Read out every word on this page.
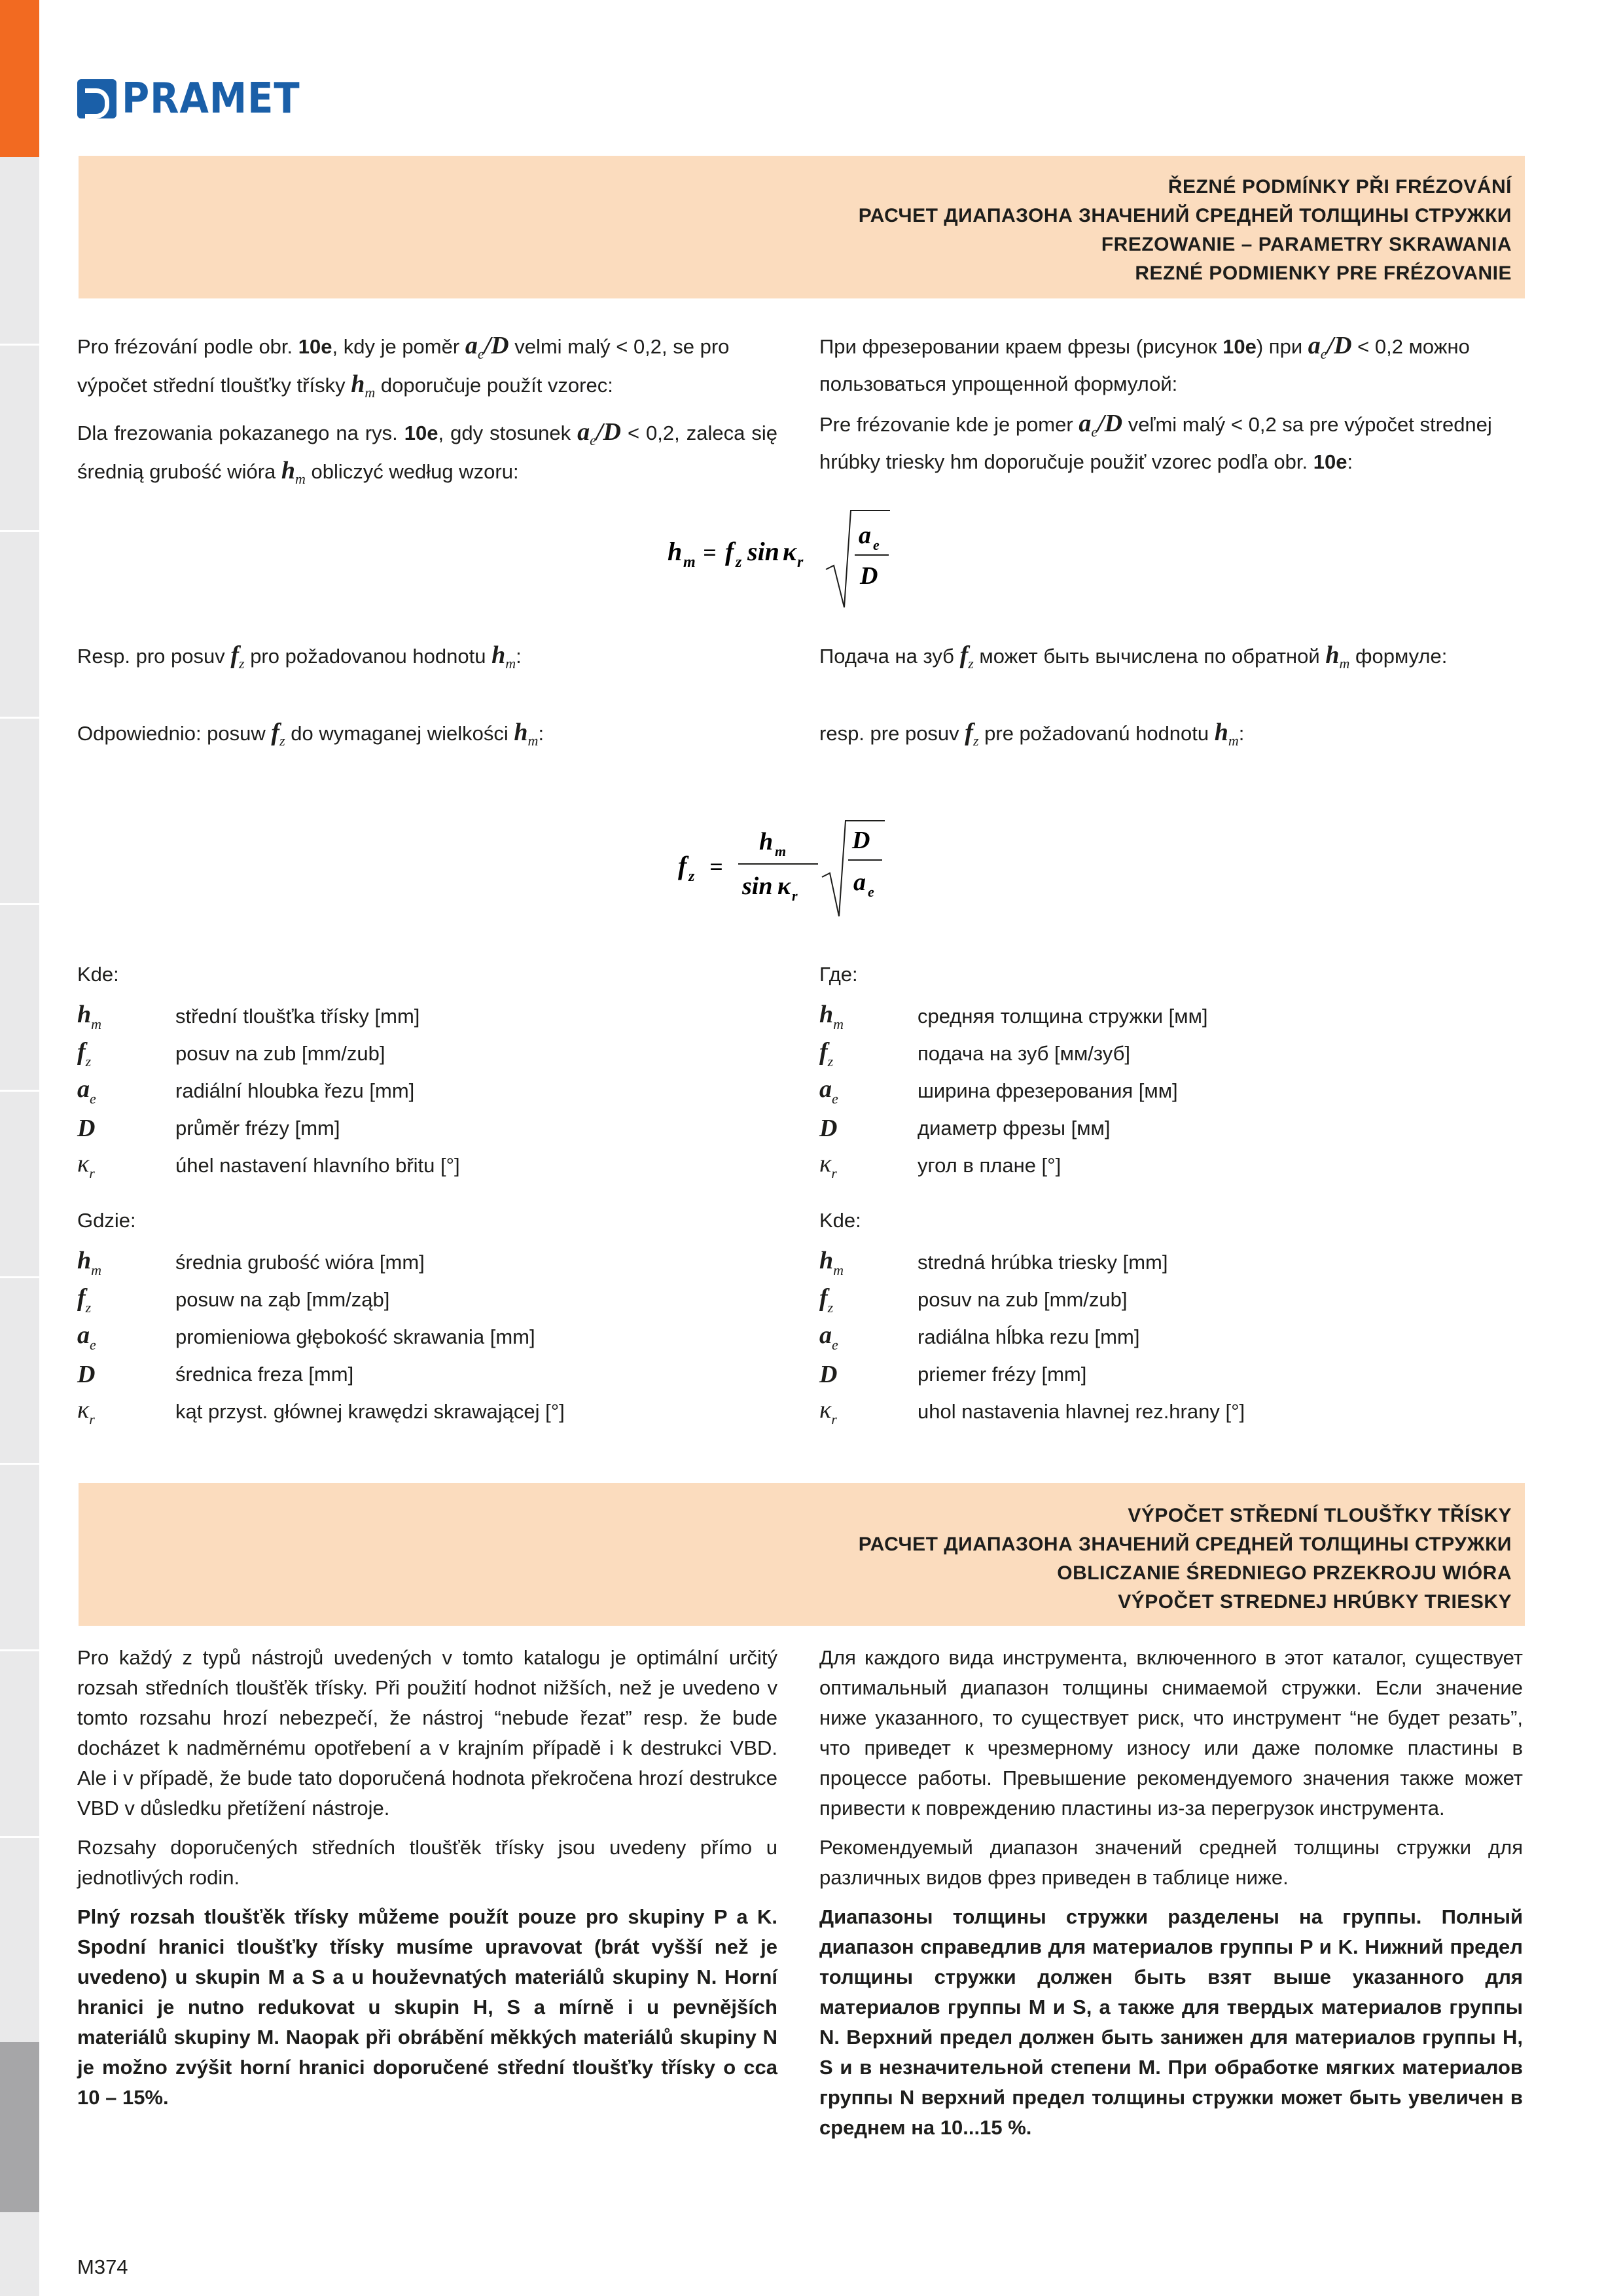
PRAMET
ŘEZNÉ PODMÍNKY PŘI FRÉZOVÁNÍ
РАСЧЕТ ДИАПАЗОНА ЗНАЧЕНИЙ СРЕДНЕЙ ТОЛЩИНЫ СТРУЖКИ
FREZOWANIE – PARAMETRY SKRAWANIA
REZNÉ PODMIENKY PRE FRÉZOVANIE

Pro frézování podle obr. 10e, kdy je poměr $a_e/D$ velmi malý < 0,2, se pro výpočet střední tloušťky třísky $h_m$ doporučuje použít vzorec:

Dla frezowania pokazanego na rys. 10e, gdy stosunek $a_e/D < 0,2$, zaleca się średnią grubość wióra $h_m$ obliczyć według wzoru:

При фрезеровании краем фрезы (рисунок 10e) при $a_e/D < 0,2$ можно пользоваться упрощенной формулой:

Pre frézovanie kde je pomer $a_e/D$ veľmi malý < 0,2 sa pre výpočet strednej hrúbky triesky hm doporučuje použiť vzorec podľa obr. 10e:

h m = f z sin κ r
a e
D
Resp. pro posuv $f_z$ pro požadovanou hodnotu $h_m$:	Подача на зуб $f_z$ может быть вычислена по обратной $h_m$ формуле:
Odpowiednio: posuw $f_z$ do wymaganej wielkości $h_m$:	resp. pre posuv $f_z$ pre požadovanú hodnotu $h_m$:
f z =
h m
sin κ r
D
a e
Kde:
$h_m$	střední tloušťka třísky [mm]
$f_z$	posuv na zub [mm/zub]
$a_e$	radiální hloubka řezu [mm]
D	průměr frézy [mm]
$\kappa_r$	úhel nastavení hlavního břitu [°]
Где:
$h_m$	средняя толщина стружки [мм]
$f_z$	подача на зуб [мм/зуб]
$a_e$	ширина фрезерования [мм]
D	диаметр фрезы [мм]
$\kappa_r$	угол в плане [°]
Gdzie:
$h_m$	średnia grubość wióra [mm]
$f_z$	posuw na ząb [mm/ząb]
$a_e$	promieniowa głębokość skrawania [mm]
D	średnica freza [mm]
$\kappa_r$	kąt przyst. głównej krawędzi skrawającej [°]
Kde:
$h_m$	stredná hrúbka triesky [mm]
$f_z$	posuv na zub [mm/zub]
$a_e$	radiálna hĺbka rezu [mm]
D	priemer frézy [mm]
$\kappa_r$	uhol nastavenia hlavnej rez.hrany [°]
VÝPOČET STŘEDNÍ TLOUŠŤKY TŘÍSKY
РАСЧЕТ ДИАПАЗОНА ЗНАЧЕНИЙ СРЕДНЕЙ ТОЛЩИНЫ СТРУЖКИ
OBLICZANIE ŚREDNIEGO PRZEKROJU WIÓRA
VÝPOČET STREDNEJ HRÚBKY TRIESKY

Pro každý z typů nástrojů uvedených v tomto katalogu je optimální určitý rozsah středních tloušťěk třísky. Při použití hodnot nižších, než je uvedeno v tomto rozsahu hrozí nebezpečí, že nástroj “nebude řezat” resp. že bude docházet k nadměrnému opotřebení a v krajním případě i k destrukci VBD. Ale i v případě, že bude tato doporučená hodnota překročena hrozí destrukce VBD v důsledku přetížení nástroje.

Rozsahy doporučených středních tloušťěk třísky jsou uvedeny přímo u jednotlivých rodin.

Plný rozsah tloušťěk třísky můžeme použít pouze pro skupiny P a K. Spodní hranici tloušťky třísky musíme upravovat (brát vyšší než je uvedeno) u skupin M a S a u houževnatých materiálů skupiny N. Horní hranici je nutno redukovat u skupin H, S a mírně i u pevnějších materiálů skupiny M. Naopak při obrábění měkkých materiálů skupiny N je možno zvýšit horní hranici doporučené střední tloušťky třísky o cca 10 – 15%.

Для каждого вида инструмента, включенного в этот каталог, существует оптимальный диапазон толщины снимаемой стружки. Если значение ниже указанного, то существует риск, что инструмент “не будет резать”, что приведет к чрезмерному износу или даже поломке пластины в процессе работы. Превышение рекомендуемого значения также может привести к повреждению пластины из-за перегрузок инструмента.

Рекомендуемый диапазон значений средней толщины стружки для различных видов фрез приведен в таблице ниже.

Диапазоны толщины стружки разделены на группы. Полный диапазон справедлив для материалов группы P и K. Нижний предел толщины стружки должен быть взят выше указанного для материалов группы M и S, а также для твердых материалов группы N. Верхний предел должен быть занижен для материалов группы H, S и в незначительной степени M. При обработке мягких материалов группы N верхний предел толщины стружки может быть увеличен в среднем на 10...15 %.

M374
